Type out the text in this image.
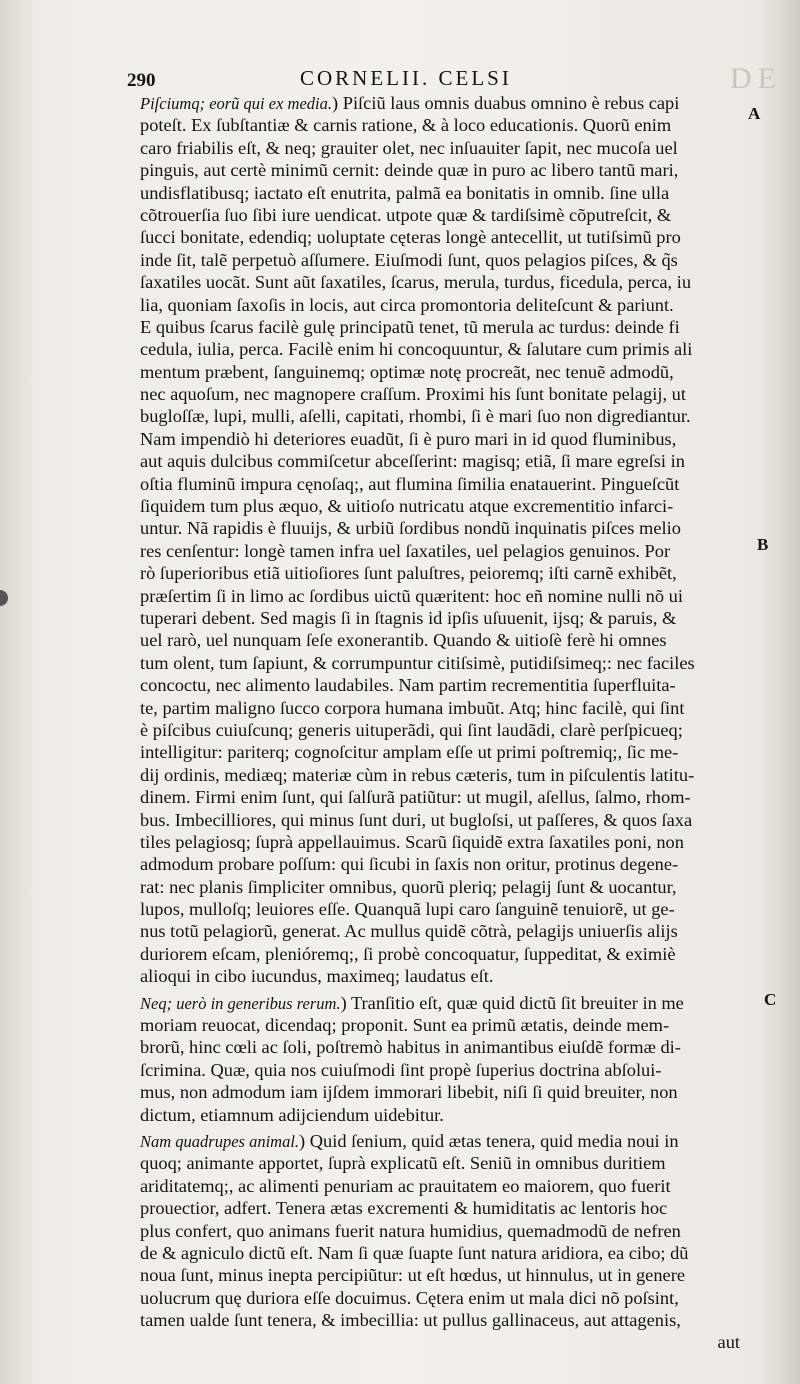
DE
290	CORNELII. CELSI
A
B
C
Piſciumq; eorũ qui ex media.) Piſciũ laus omnis duabus omnino è rebus capi
poteſt. Ex ſubſtantiæ & carnis ratione, & à loco educationis. Quorũ enim
caro friabilis eſt, & neq; grauiter olet, nec inſuauiter ſapit, nec mucoſa uel
pinguis, aut certè minimũ cernit: deinde quæ in puro ac libero tantũ mari,
undisflatibusq; iactato eſt enutrita, palmã ea bonitatis in omnib. ſine ulla
cõtrouerſia ſuo ſibi iure uendicat. utpote quæ & tardiſsimè cõputreſcit, &
ſucci bonitate, edendiq; uoluptate cęteras longè antecellit, ut tutiſsimũ pro
inde ſit, talẽ perpetuò aſſumere. Eiuſmodi ſunt, quos pelagios piſces, & q̃s
ſaxatiles uocãt. Sunt aũt ſaxatiles, ſcarus, merula, turdus, ficedula, perca, iu
lia, quoniam ſaxoſis in locis, aut circa promontoria deliteſcunt & pariunt.
E quibus ſcarus facilè gulę principatũ tenet, tũ merula ac turdus: deinde fi
cedula, iulia, perca. Facilè enim hi concoquuntur, & ſalutare cum primis ali
mentum præbent, ſanguinemq; optimæ notę procreãt, nec tenuẽ admodũ,
nec aquoſum, nec magnopere craſſum. Proximi his ſunt bonitate pelagij, ut
bugloſſæ, lupi, mulli, aſelli, capitati, rhombi, ſi è mari ſuo non digrediantur.
Nam impendiò hi deteriores euadũt, ſi è puro mari in id quod fluminibus,
aut aquis dulcibus commiſcetur abceſſerint: magisq; etiã, ſi mare egreſsi in
oſtia fluminũ impura cęnoſaq;, aut flumina ſimilia enatauerint. Pingueſcũt
ſiquidem tum plus æquo, & uitioſo nutricatu atque excrementitio infarci-
untur. Nã rapidis è fluuijs, & urbiũ ſordibus nondũ inquinatis piſces melio
res cenſentur: longè tamen infra uel ſaxatiles, uel pelagios genuinos. Por
rò ſuperioribus etiã uitioſiores ſunt paluſtres, peioremq; iſti carnẽ exhibẽt,
præſertim ſi in limo ac ſordibus uictũ quæritent: hoc eñ nomine nulli nõ ui
tuperari debent. Sed magis ſi in ſtagnis id ipſis uſuuenit, ijsq; & paruis, &
uel rarò, uel nunquam ſeſe exonerantib. Quando & uitioſè ferè hi omnes
tum olent, tum ſapiunt, & corrumpuntur citiſsimè, putidiſsimeq;: nec faciles
concoctu, nec alimento laudabiles. Nam partim recrementitia ſuperfluita-
te, partim maligno ſucco corpora humana imbuũt. Atq; hinc facilè, qui ſint
è piſcibus cuiuſcunq; generis uituperãdi, qui ſint laudãdi, clarè perſpicueq;
intelligitur: pariterq; cognoſcitur amplam eſſe ut primi poſtremiq;, ſic me-
dij ordinis, mediæq; materiæ cùm in rebus cæteris, tum in piſculentis latitu-
dinem. Firmi enim ſunt, qui ſalſurã patiũtur: ut mugil, aſellus, ſalmo, rhom-
bus. Imbecilliores, qui minus ſunt duri, ut bugloſsi, ut paſſeres, & quos ſaxa
tiles pelagiosq; ſuprà appellauimus. Scarũ ſiquidẽ extra ſaxatiles poni, non
admodum probare poſſum: qui ſicubi in ſaxis non oritur, protinus degene-
rat: nec planis ſimpliciter omnibus, quorũ pleriq; pelagij ſunt & uocantur,
lupos, mulloſq; leuiores eſſe. Quanquã lupi caro ſanguinẽ tenuiorẽ, ut ge-
nus totũ pelagiorũ, generat. Ac mullus quidẽ cõtrà, pelagijs uniuerſis alijs
duriorem eſcam, plenióremq;, ſi probè concoquatur, ſuppeditat, & eximiè
alioqui in cibo iucundus, maximeq; laudatus eſt.
Neq; uerò in generibus rerum.) Tranſitio eſt, quæ quid dictũ ſit breuiter in me
moriam reuocat, dicendaq; proponit. Sunt ea primũ ætatis, deinde mem-
brorũ, hinc cœli ac ſoli, poſtremò habitus in animantibus eiuſdẽ formæ di-
ſcrimina. Quæ, quia nos cuiuſmodi ſint propè ſuperius doctrina abſolui-
mus, non admodum iam ijſdem immorari libebit, niſi ſi quid breuiter, non
dictum, etiamnum adijciendum uidebitur.
Nam quadrupes animal.) Quid ſenium, quid ætas tenera, quid media noui in
quoq; animante apportet, ſuprà explicatũ eſt. Seniũ in omnibus duritiem
ariditatemq;, ac alimenti penuriam ac prauitatem eo maiorem, quo fuerit
prouectior, adfert. Tenera ætas excrementi & humiditatis ac lentoris hoc
plus confert, quo animans fuerit natura humidius, quemadmodũ de nefren
de & agniculo dictũ eſt. Nam ſi quæ ſuapte ſunt natura aridiora, ea cibo; dũ
noua ſunt, minus inepta percipiũtur: ut eſt hœdus, ut hinnulus, ut in genere
uolucrum quę duriora eſſe docuimus. Cętera enim ut mala dici nõ poſsint,
tamen ualde ſunt tenera, & imbecillia: ut pullus gallinaceus, aut attagenis,
aut
